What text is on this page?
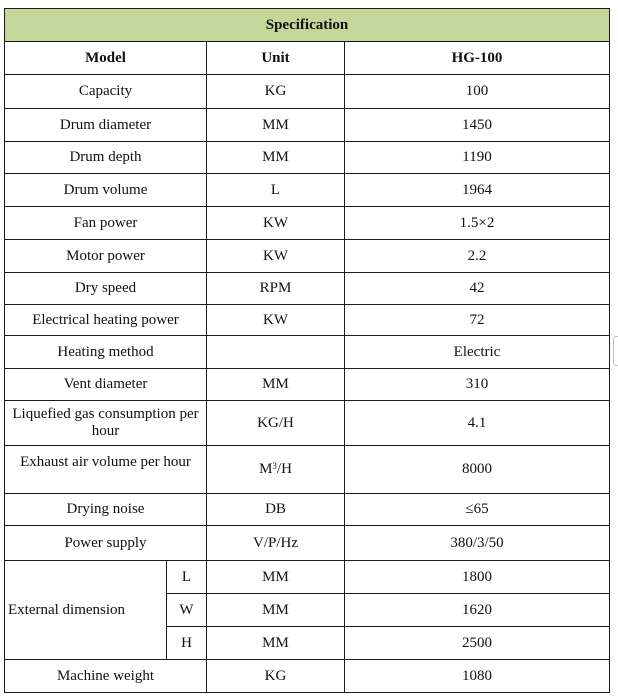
Specification			
Model		Unit	HG-100
Capacity		KG	100
Drum diameter		MM	1450
Drum depth		MM	1190
Drum volume		L	1964
Fan power		KW	1.5×2
Motor power		KW	2.2
Dry speed		RPM	42
Electrical heating power		KW	72
Heating method			Electric
Vent diameter		MM	310
Liquefied gas consumption per hour		KG/H	4.1
Exhaust air volume per hour		$M^3/H$	8000
Drying noise		DB	≤65
Power supply		V/P/Hz	380/3/50
External dimension	L	MM	1800
	W	MM	1620
	H	MM	2500
Machine weight		KG	1080
